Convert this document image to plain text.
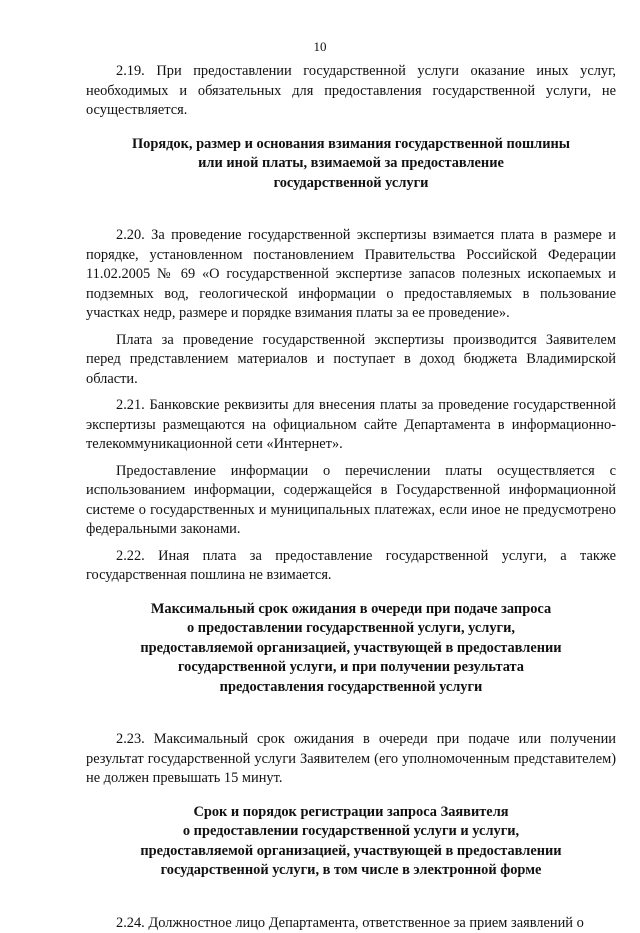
10

2.19. При предоставлении государственной услуги оказание иных услуг, необходимых и обязательных для предоставления государственной услуги, не осуществляется.

Порядок, размер и основания взимания государственной пошлины
или иной платы, взимаемой за предоставление
государственной услуги

2.20. За проведение государственной экспертизы взимается плата в размере и порядке, установленном постановлением Правительства Российской Федерации 11.02.2005 № 69 «О государственной экспертизе запасов полезных ископаемых и подземных вод, геологической информации о предоставляемых в пользование участках недр, размере и порядке взимания платы за ее проведение».

Плата за проведение государственной экспертизы производится Заявителем перед представлением материалов и поступает в доход бюджета Владимирской области.

2.21. Банковские реквизиты для внесения платы за проведение государственной экспертизы размещаются на официальном сайте Департамента в информационно-телекоммуникационной сети «Интернет».

Предоставление информации о перечислении платы осуществляется с использованием информации, содержащейся в Государственной информационной системе о государственных и муниципальных платежах, если иное не предусмотрено федеральными законами.

2.22. Иная плата за предоставление государственной услуги, а также государственная пошлина не взимается.

Максимальный срок ожидания в очереди при подаче запроса
о предоставлении государственной услуги, услуги,
предоставляемой организацией, участвующей в предоставлении
государственной услуги, и при получении результата
предоставления государственной услуги

2.23. Максимальный срок ожидания в очереди при подаче или получении результат государственной услуги Заявителем (его уполномоченным представителем) не должен превышать 15 минут.

Срок и порядок регистрации запроса Заявителя
о предоставлении государственной услуги и услуги,
предоставляемой организацией, участвующей в предоставлении
государственной услуги, в том числе в электронной форме

2.24. Должностное лицо Департамента, ответственное за прием заявлений о
